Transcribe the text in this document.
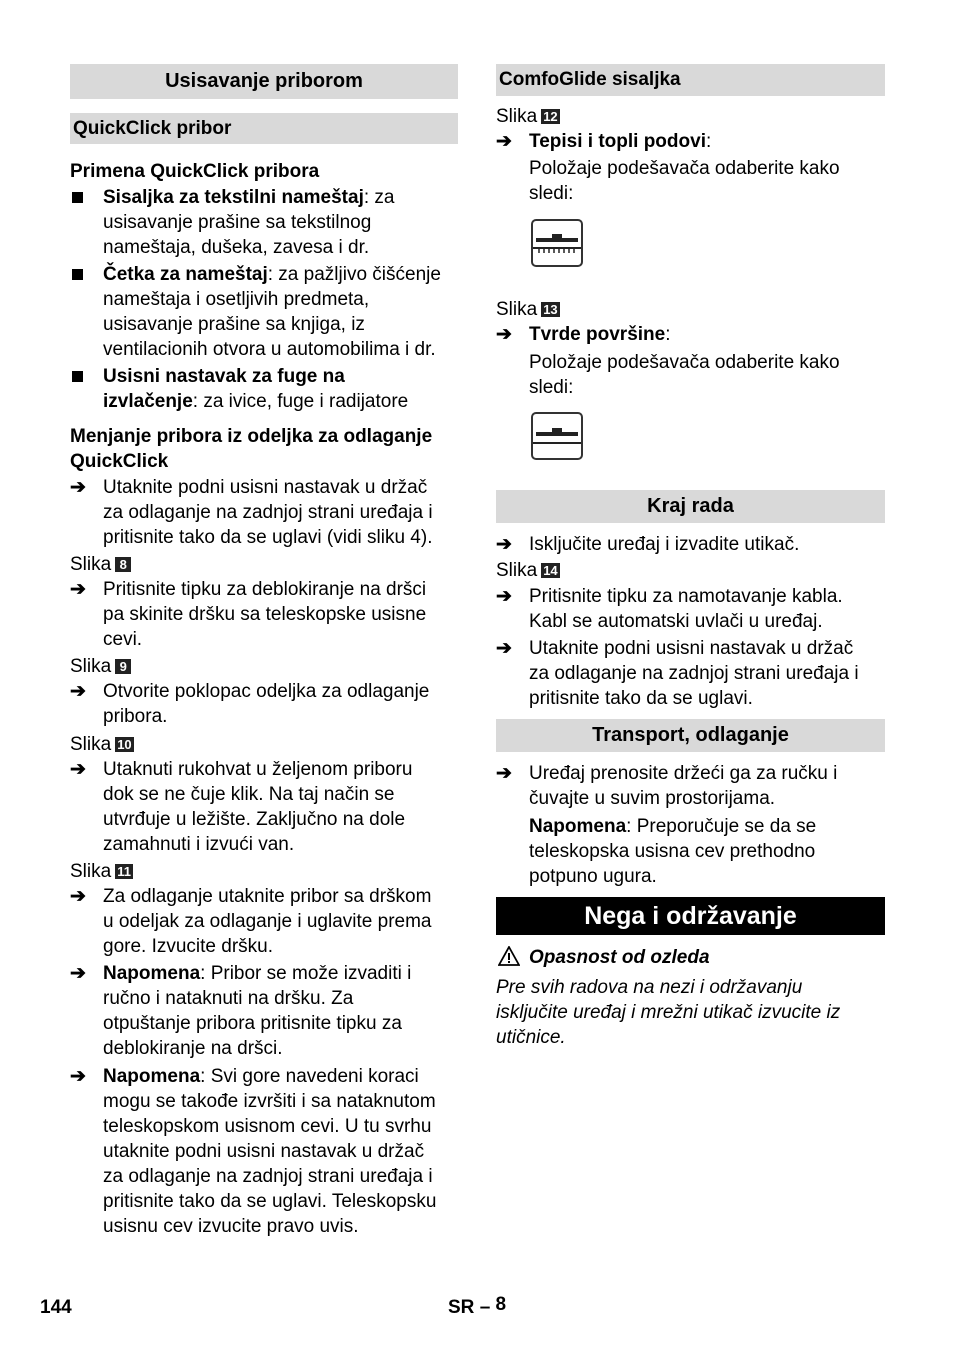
Usisavanje priborom
QuickClick pribor
Primena QuickClick pribora
Sisaljka za tekstilni nameštaj: za
usisavanje prašine sa tekstilnog
nameštaja, dušeka, zavesa i dr.
Četka za nameštaj: za pažljivo čišćenje
nameštaja i osetljivih predmeta,
usisavanje prašine sa knjiga, iz
ventilacionih otvora u automobilima i dr.
Usisni nastavak za fuge na
izvlačenje: za ivice, fuge i radijatore
Menjanje pribora iz odeljka za odlaganje
QuickClick
➔ Utaknite podni usisni nastavak u držač
za odlaganje na zadnjoj strani uređaja i
pritisnite tako da se uglavi (vidi sliku 4).
Slika 8
➔ Pritisnite tipku za deblokiranje na dršci
pa skinite dršku sa teleskopske usisne
cevi.
Slika 9
➔ Otvorite poklopac odeljka za odlaganje
pribora.
Slika 10
➔ Utaknuti rukohvat u željenom priboru
dok se ne čuje klik. Na taj način se
utvrđuje u ležište. Zaključno na dole
zamahnuti i izvući van.
Slika 11
➔ Za odlaganje utaknite pribor sa drškom
u odeljak za odlaganje i uglavite prema
gore. Izvucite dršku.
➔ Napomena: Pribor se može izvaditi i
ručno i nataknuti na dršku. Za
otpuštanje pribora pritisnite tipku za
deblokiranje na dršci.
➔ Napomena: Svi gore navedeni koraci
mogu se takođe izvršiti i sa nataknutom
teleskopskom usisnom cevi. U tu svrhu
utaknite podni usisni nastavak u držač
za odlaganje na zadnjoj strani uređaja i
pritisnite tako da se uglavi. Teleskopsku
usisnu cev izvucite pravo uvis.
ComfoGlide sisaljka
Slika 12
➔ Tepisi i topli podovi:
Položaje podešavača odaberite kako
sledi:
Slika 13
➔ Tvrde površine:
Položaje podešavača odaberite kako
sledi:
Kraj rada
➔ Isključite uređaj i izvadite utikač.
Slika 14
➔ Pritisnite tipku za namotavanje kabla.
Kabl se automatski uvlači u uređaj.
➔ Utaknite podni usisni nastavak u držač
za odlaganje na zadnjoj strani uređaja i
pritisnite tako da se uglavi.
Transport, odlaganje
➔ Uređaj prenosite držeći ga za ručku i
čuvajte u suvim prostorijama.
Napomena: Preporučuje se da se
teleskopska usisna cev prethodno
potpuno ugura.
Nega i održavanje
Opasnost od ozleda
Pre svih radova na nezi i održavanju
isključite uređaj i mrežni utikač izvucite iz
utičnice.
144	SR – 8
